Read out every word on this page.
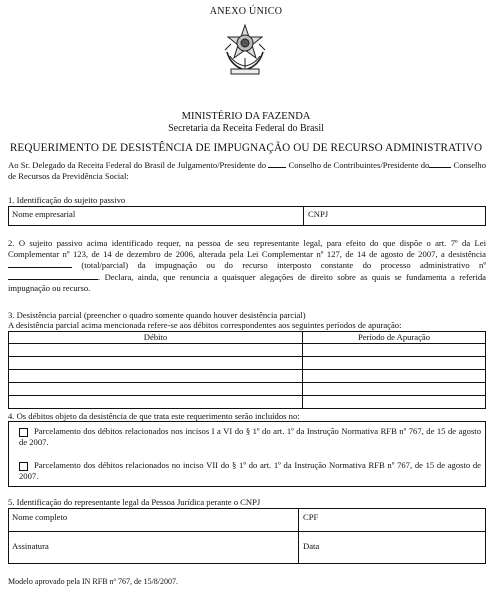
ANEXO ÚNICO
MINISTÉRIO DA FAZENDA
Secretaria da Receita Federal do Brasil
REQUERIMENTO DE DESISTÊNCIA DE IMPUGNAÇÃO OU DE RECURSO ADMINISTRATIVO
Ao Sr. Delegado da Receita Federal do Brasil de Julgamento/Presidente do	Conselho de Contribuintes/Presidente do	Conselho de Recursos da Previdência Social:
1. Identificação do sujeito passivo
Nome empresarial	CNPJ
2. O sujeito passivo acima identificado requer, na pessoa de seu representante legal, para efeito do que dispõe o art. 7º da Lei Complementar nº 123, de 14 de dezembro de 2006, alterada pela Lei Complementar nº 127, de 14 de agosto de 2007, a desistência  (total/parcial) da impugnação ou do recurso interposto constante do processo administrativo nº. Declara, ainda, que renuncia a quaisquer alegações de direito sobre as quais se fundamenta a referida impugnação ou recurso.
3. Desistência parcial (preencher o quadro somente quando houver desistência parcial)
A desistência parcial acima mencionada refere-se aos débitos correspondentes aos seguintes períodos de apuração:
Débito	Período de Apuração

4. Os débitos objeto da desistência de que trata este requerimento serão incluídos no:
Parcelamento dos débitos relacionados nos incisos I a VI do § 1º do art. 1º da Instrução Normativa RFB nº 767, de 15 de agosto de 2007.
Parcelamento dos débitos relacionados no inciso VII do § 1º do art. 1º da Instrução Normativa RFB nº 767, de 15 de agosto de 2007.
5. Identificação do representante legal da Pessoa Jurídica perante o CNPJ
Nome completo	CPF
Assinatura	Data
Modelo aprovado pela IN RFB nº 767, de 15/8/2007.
